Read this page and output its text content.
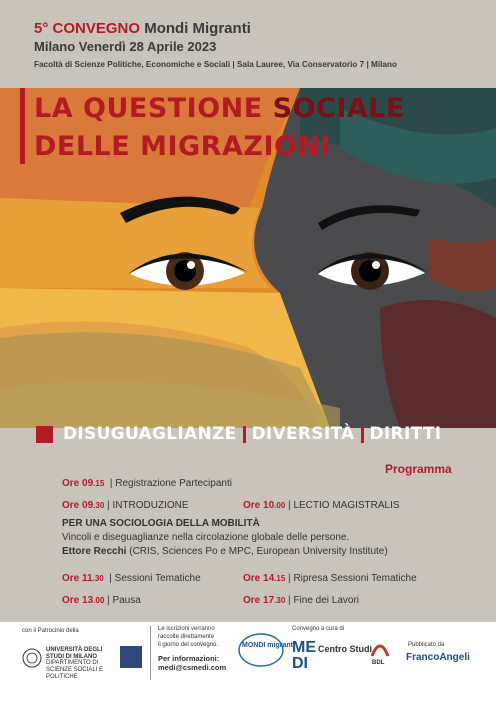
5° CONVEGNO Mondi Migranti
Milano Venerdì 28 Aprile 2023
Facoltà di Scienze Politiche, Economiche e Sociali | Sala Lauree, Via Conservatorio 7 | Milano
LA QUESTIONE SOCIALE
DELLE MIGRAZIONI
DISUGUAGLIANZE DIVERSITÀ DIRITTI
Programma
Ore 09.15  | Registrazione Partecipanti
Ore 09.30 | INTRODUZIONE	Ore 10.00 | LECTIO MAGISTRALIS
PER UNA SOCIOLOGIA DELLA MOBILITÀ
Vincoli e diseguaglianze nella circolazione globale delle persone.
Ettore Recchi (CRIS, Sciences Po e MPC, European University Institute)
Ore 11.30  | Sessioni Tematiche	Ore 14.15 | Ripresa Sessioni Tematiche
Ore 13.00 | Pausa	Ore 17.30 | Fine dei Lavori
con il Patrocinio della
UNIVERSITÀ DEGLI STUDI DI MILANO
DIPARTIMENTO DI SCIENZE SOCIALI E POLITICHE
Le iscrizioni verranno
raccolte direttamente
il giorno del convegno.
Per informazioni:
medi@csmedi.com
MONDI migranti
Convegno a cura di
ME
DI
Centro Studi
BDL
Pubblicato da
FrancoAngeli
